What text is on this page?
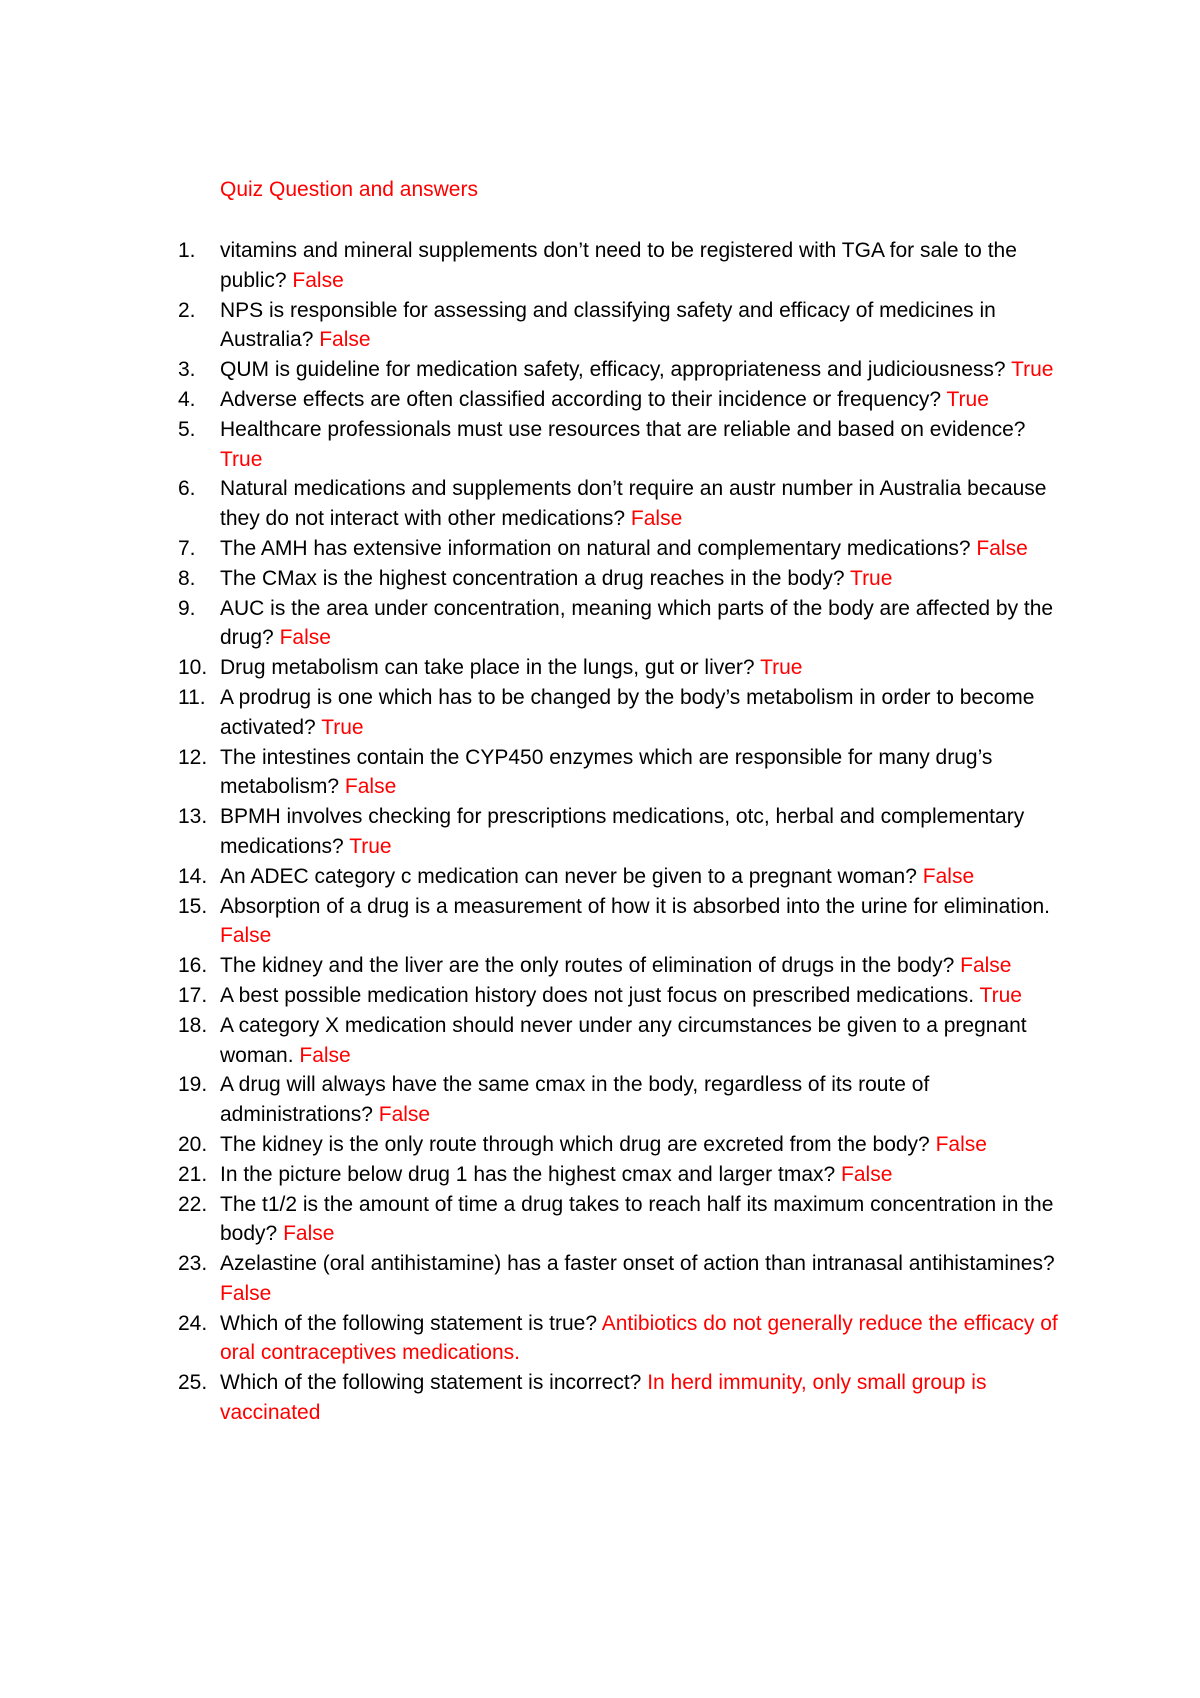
Quiz Question and answers
1. vitamins and mineral supplements don’t need to be registered with TGA for sale to the public? False
2. NPS is responsible for assessing and classifying safety and efficacy of medicines in Australia? False
3. QUM is guideline for medication safety, efficacy, appropriateness and judiciousness? True
4. Adverse effects are often classified according to their incidence or frequency? True
5. Healthcare professionals must use resources that are reliable and based on evidence? True
6. Natural medications and supplements don’t require an austr number in Australia because they do not interact with other medications? False
7. The AMH has extensive information on natural and complementary medications? False
8. The CMax is the highest concentration a drug reaches in the body? True
9. AUC is the area under concentration, meaning which parts of the body are affected by the drug? False
10. Drug metabolism can take place in the lungs, gut or liver? True
11. A prodrug is one which has to be changed by the body’s metabolism in order to become activated? True
12. The intestines contain the CYP450 enzymes which are responsible for many drug’s metabolism? False
13. BPMH involves checking for prescriptions medications, otc, herbal and complementary medications? True
14. An ADEC category c medication can never be given to a pregnant woman? False
15. Absorption of a drug is a measurement of how it is absorbed into the urine for elimination. False
16. The kidney and the liver are the only routes of elimination of drugs in the body? False
17. A best possible medication history does not just focus on prescribed medications. True
18. A category X medication should never under any circumstances be given to a pregnant woman. False
19. A drug will always have the same cmax in the body, regardless of its route of administrations? False
20. The kidney is the only route through which drug are excreted from the body? False
21. In the picture below drug 1 has the highest cmax and larger tmax? False
22. The t1/2 is the amount of time a drug takes to reach half its maximum concentration in the body? False
23. Azelastine (oral antihistamine) has a faster onset of action than intranasal antihistamines? False
24. Which of the following statement is true? Antibiotics do not generally reduce the efficacy of oral contraceptives medications.
25. Which of the following statement is incorrect? In herd immunity, only small group is vaccinated
